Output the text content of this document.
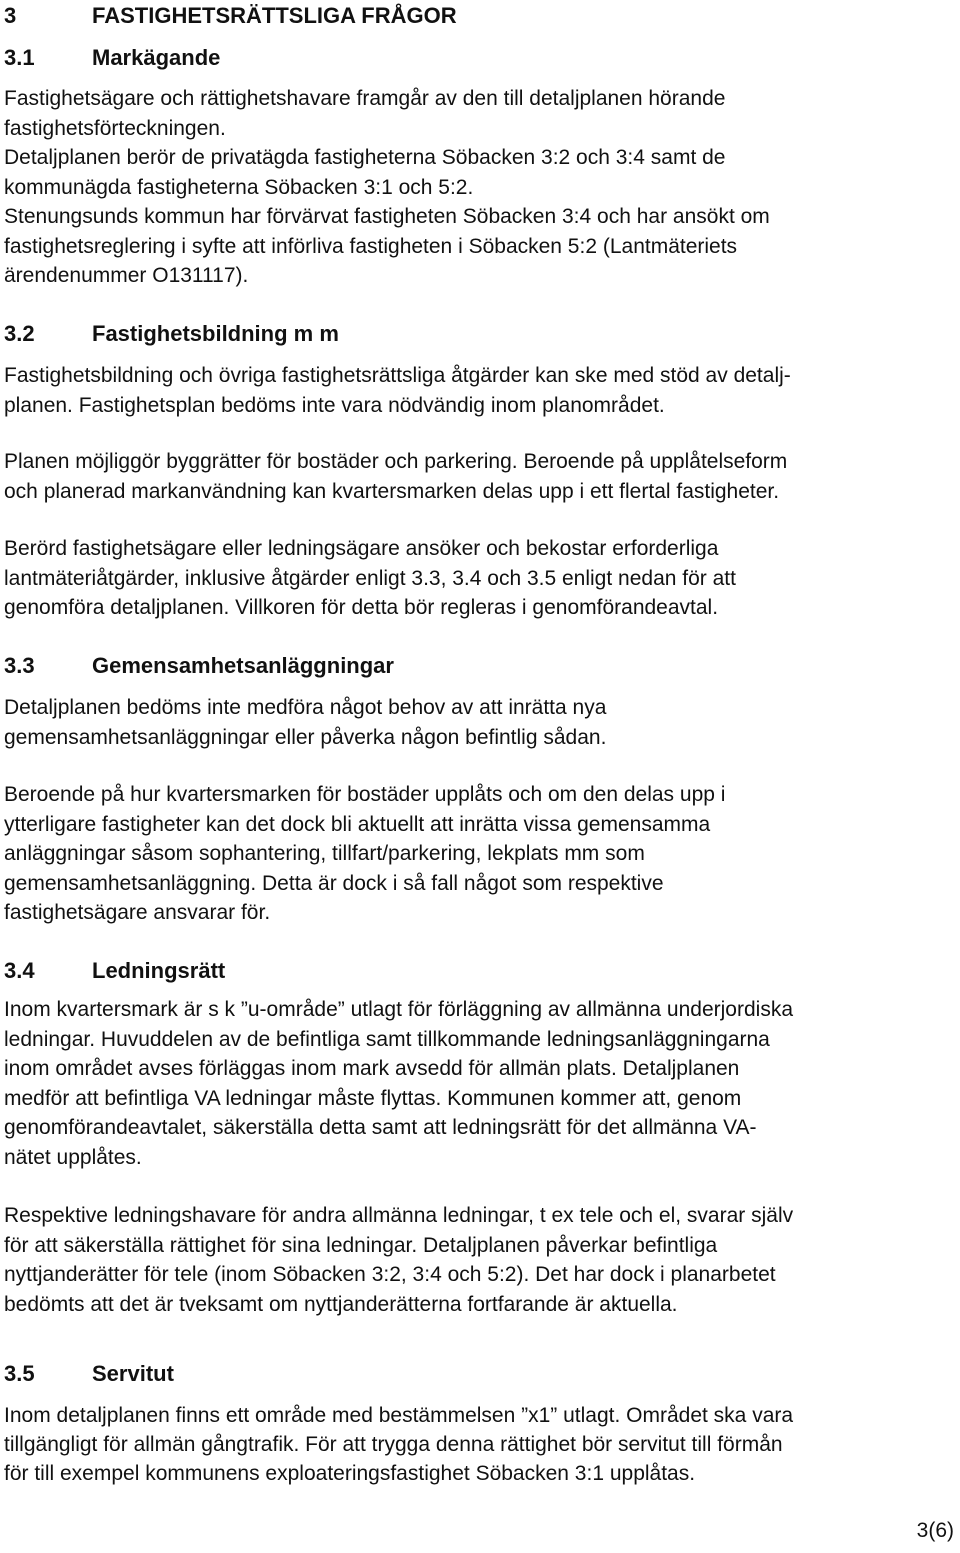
3	FASTIGHETSRÄTTSLIGA FRÅGOR
3.1	Markägande
Fastighetsägare och rättighetshavare framgår av den till detaljplanen hörande
fastighetsförteckningen.
Detaljplanen berör de privatägda fastigheterna Söbacken 3:2 och 3:4 samt de
kommunägda fastigheterna Söbacken 3:1 och 5:2.
Stenungsunds kommun har förvärvat fastigheten Söbacken 3:4 och har ansökt om
fastighetsreglering i syfte att införliva fastigheten i Söbacken 5:2 (Lantmäteriets
ärendenummer O131117).
3.2	Fastighetsbildning m m
Fastighetsbildning och övriga fastighetsrättsliga åtgärder kan ske med stöd av detalj-
planen. Fastighetsplan bedöms inte vara nödvändig inom planområdet.
Planen möjliggör byggrätter för bostäder och parkering. Beroende på upplåtelseform
och planerad markanvändning kan kvartersmarken delas upp i ett flertal fastigheter.
Berörd fastighetsägare eller ledningsägare ansöker och bekostar erforderliga
lantmäteriåtgärder, inklusive åtgärder enligt 3.3, 3.4 och 3.5 enligt nedan för att
genomföra detaljplanen. Villkoren för detta bör regleras i genomförandeavtal.
3.3	Gemensamhetsanläggningar
Detaljplanen bedöms inte medföra något behov av att inrätta nya
gemensamhetsanläggningar eller påverka någon befintlig sådan.
Beroende på hur kvartersmarken för bostäder upplåts och om den delas upp i
ytterligare fastigheter kan det dock bli aktuellt att inrätta vissa gemensamma
anläggningar såsom sophantering, tillfart/parkering, lekplats mm som
gemensamhetsanläggning. Detta är dock i så fall något som respektive
fastighetsägare ansvarar för.
3.4	Ledningsrätt
Inom kvartersmark är s k ”u-område” utlagt för förläggning av allmänna underjordiska
ledningar. Huvuddelen av de befintliga samt tillkommande ledningsanläggningarna
inom området avses förläggas inom mark avsedd för allmän plats. Detaljplanen
medför att befintliga VA ledningar måste flyttas. Kommunen kommer att, genom
genomförandeavtalet, säkerställa detta samt att ledningsrätt för det allmänna VA-
nätet upplåtes.
Respektive ledningshavare för andra allmänna ledningar, t ex tele och el, svarar själv
för att säkerställa rättighet för sina ledningar. Detaljplanen påverkar befintliga
nyttjanderätter för tele (inom Söbacken 3:2, 3:4 och 5:2). Det har dock i planarbetet
bedömts att det är tveksamt om nyttjanderätterna fortfarande är aktuella.
3.5	Servitut
Inom detaljplanen finns ett område med bestämmelsen ”x1” utlagt. Området ska vara
tillgängligt för allmän gångtrafik. För att trygga denna rättighet bör servitut till förmån
för till exempel kommunens exploateringsfastighet Söbacken 3:1 upplåtas.
3(6)
